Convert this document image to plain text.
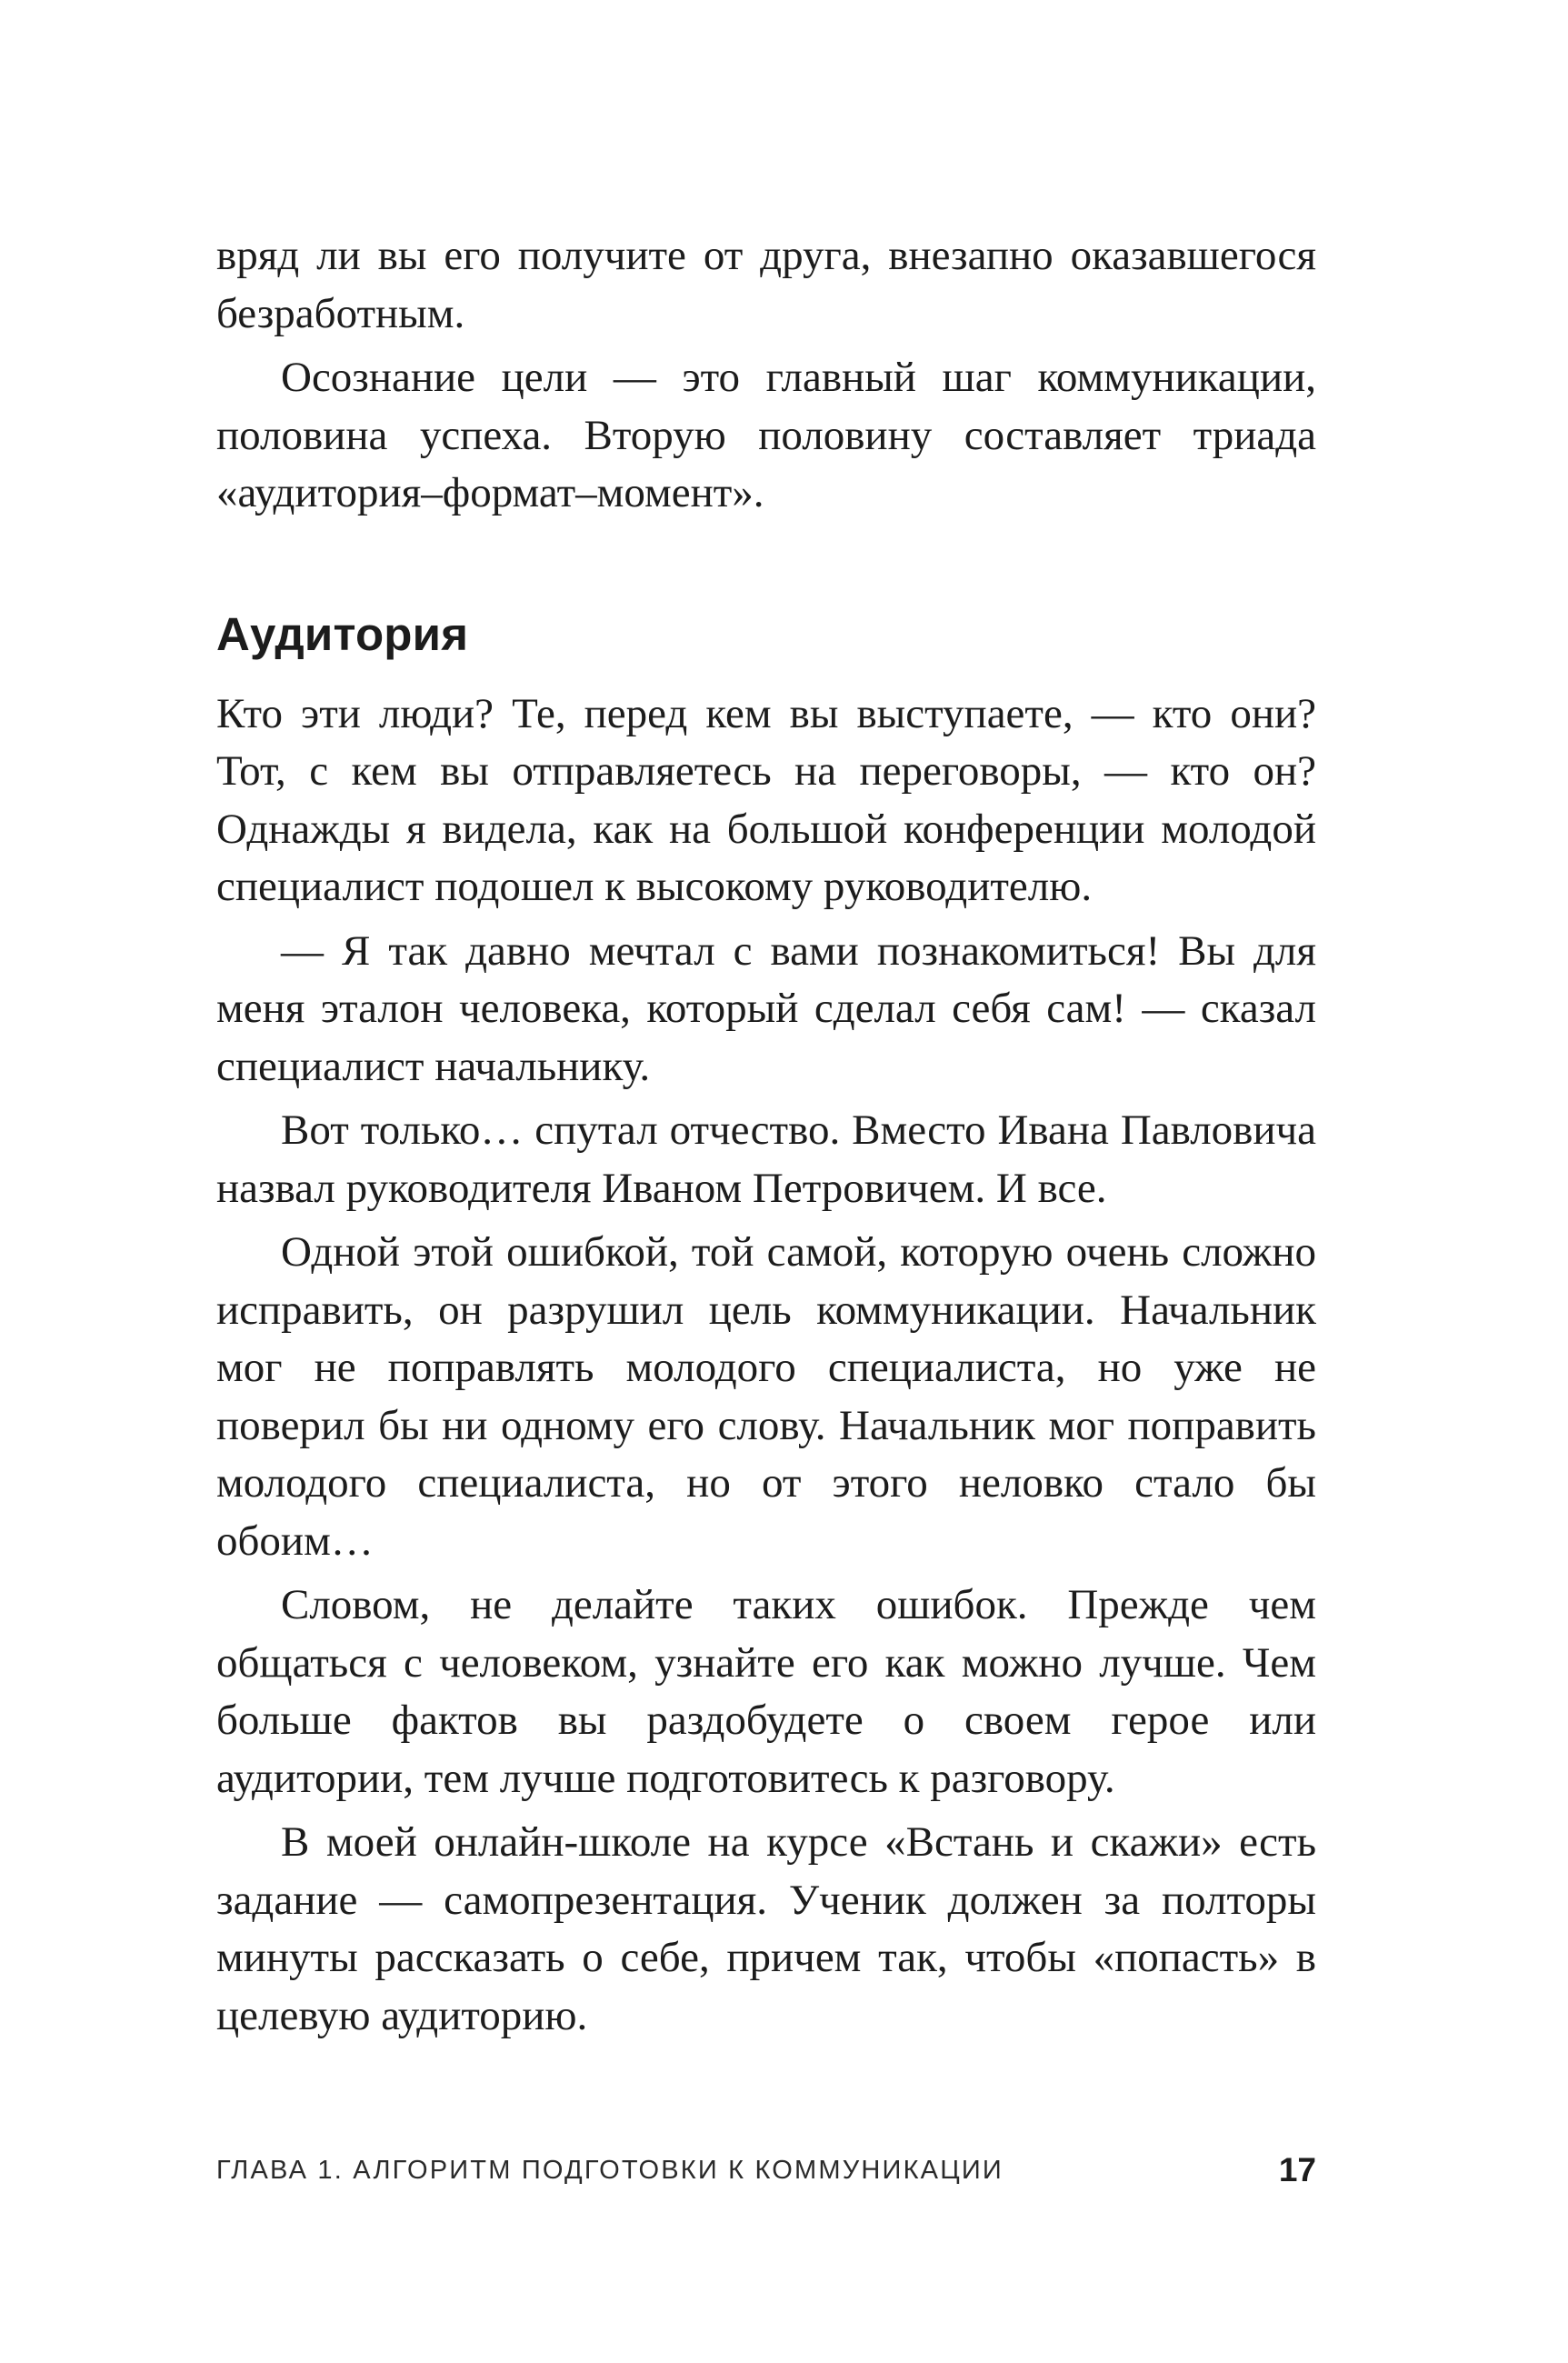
вряд ли вы его получите от друга, внезапно оказавшегося безработным.

Осознание цели — это главный шаг коммуникации, половина успеха. Вторую половину составляет триада «аудитория–формат–момент».

Аудитория

Кто эти люди? Те, перед кем вы выступаете, — кто они? Тот, с кем вы отправляетесь на переговоры, — кто он? Однажды я видела, как на большой конференции молодой специалист подошел к высокому руководителю.

— Я так давно мечтал с вами познакомиться! Вы для меня эталон человека, который сделал себя сам! — сказал специалист начальнику.

Вот только… спутал отчество. Вместо Ивана Павловича назвал руководителя Иваном Петровичем. И все.

Одной этой ошибкой, той самой, которую очень сложно исправить, он разрушил цель коммуникации. Начальник мог не поправлять молодого специалиста, но уже не поверил бы ни одному его слову. Начальник мог поправить молодого специалиста, но от этого неловко стало бы обоим…

Словом, не делайте таких ошибок. Прежде чем общаться с человеком, узнайте его как можно лучше. Чем больше фактов вы раздобудете о своем герое или аудитории, тем лучше подготовитесь к разговору.

В моей онлайн-школе на курсе «Встань и скажи» есть задание — самопрезентация. Ученик должен за полторы минуты рассказать о себе, причем так, чтобы «попасть» в целевую аудиторию.

ГЛАВА 1. АЛГОРИТМ ПОДГОТОВКИ К КОММУНИКАЦИИ	17
